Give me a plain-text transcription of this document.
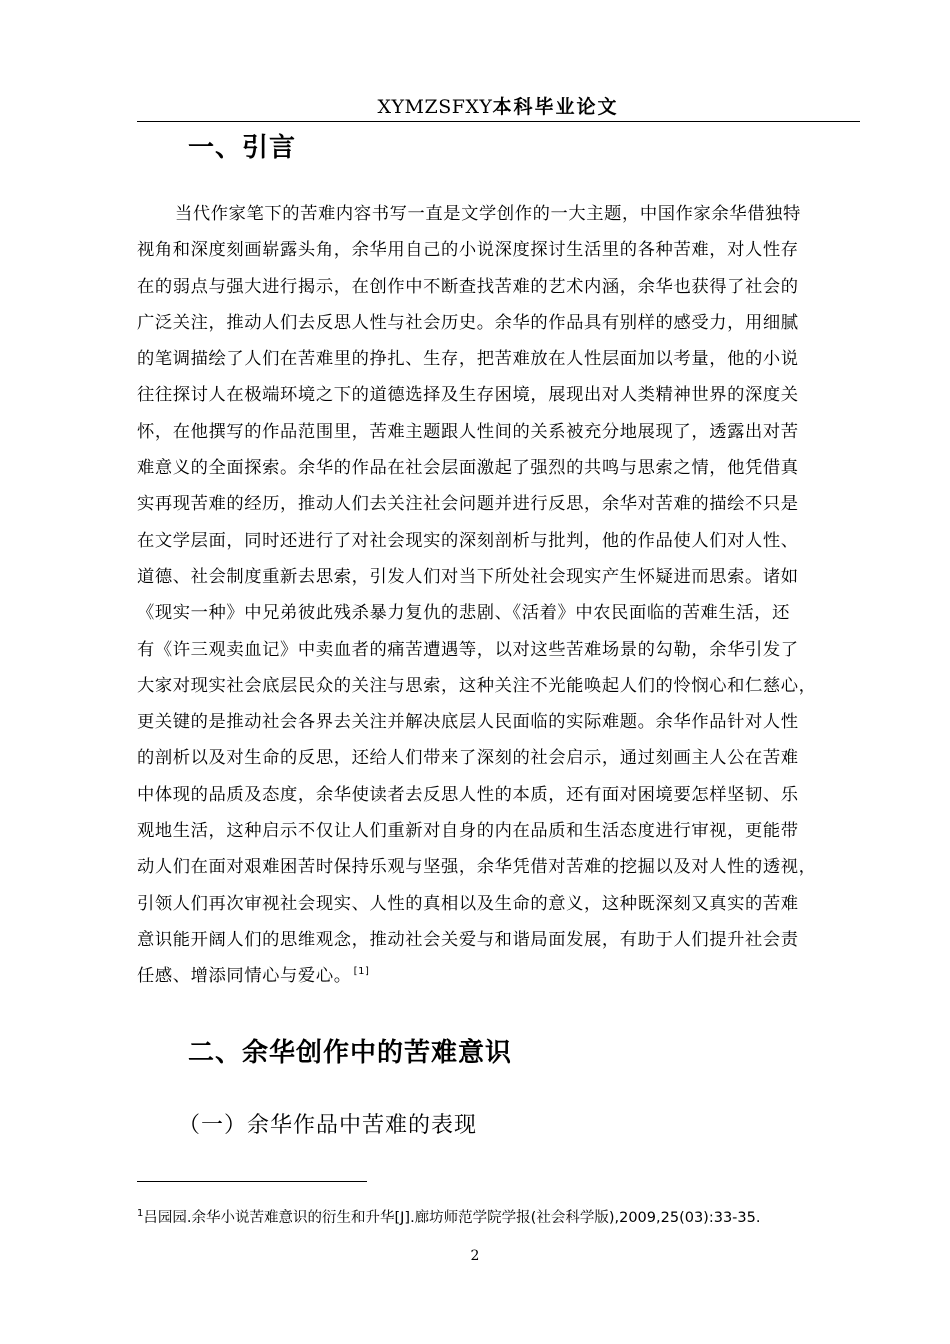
XYMZSFXY本科毕业论文
一、引言
当代作家笔下的苦难内容书写一直是文学创作的一大主题，中国作家余华借独特
视角和深度刻画崭露头角，余华用自己的小说深度探讨生活里的各种苦难，对人性存
在的弱点与强大进行揭示，在创作中不断查找苦难的艺术内涵，余华也获得了社会的
广泛关注，推动人们去反思人性与社会历史。余华的作品具有别样的感受力，用细腻
的笔调描绘了人们在苦难里的挣扎、生存，把苦难放在人性层面加以考量，他的小说
往往探讨人在极端环境之下的道德选择及生存困境，展现出对人类精神世界的深度关
怀，在他撰写的作品范围里，苦难主题跟人性间的关系被充分地展现了，透露出对苦
难意义的全面探索。余华的作品在社会层面激起了强烈的共鸣与思索之情，他凭借真
实再现苦难的经历，推动人们去关注社会问题并进行反思，余华对苦难的描绘不只是
在文学层面，同时还进行了对社会现实的深刻剖析与批判，他的作品使人们对人性、
道德、社会制度重新去思索，引发人们对当下所处社会现实产生怀疑进而思索。诸如
《现实一种》中兄弟彼此残杀暴力复仇的悲剧、《活着》中农民面临的苦难生活，还
有《许三观卖血记》中卖血者的痛苦遭遇等，以对这些苦难场景的勾勒，余华引发了
大家对现实社会底层民众的关注与思索，这种关注不光能唤起人们的怜悯心和仁慈心，
更关键的是推动社会各界去关注并解决底层人民面临的实际难题。余华作品针对人性
的剖析以及对生命的反思，还给人们带来了深刻的社会启示，通过刻画主人公在苦难
中体现的品质及态度，余华使读者去反思人性的本质，还有面对困境要怎样坚韧、乐
观地生活，这种启示不仅让人们重新对自身的内在品质和生活态度进行审视，更能带
动人们在面对艰难困苦时保持乐观与坚强，余华凭借对苦难的挖掘以及对人性的透视，
引领人们再次审视社会现实、人性的真相以及生命的意义，这种既深刻又真实的苦难
意识能开阔人们的思维观念，推动社会关爱与和谐局面发展，有助于人们提升社会责
任感、增添同情心与爱心。 [1]
二、余华创作中的苦难意识
（一）余华作品中苦难的表现
$^1$吕园园.余华小说苦难意识的衍生和升华[J].廊坊师范学院学报(社会科学版),2009,25(03):33-35.
2
